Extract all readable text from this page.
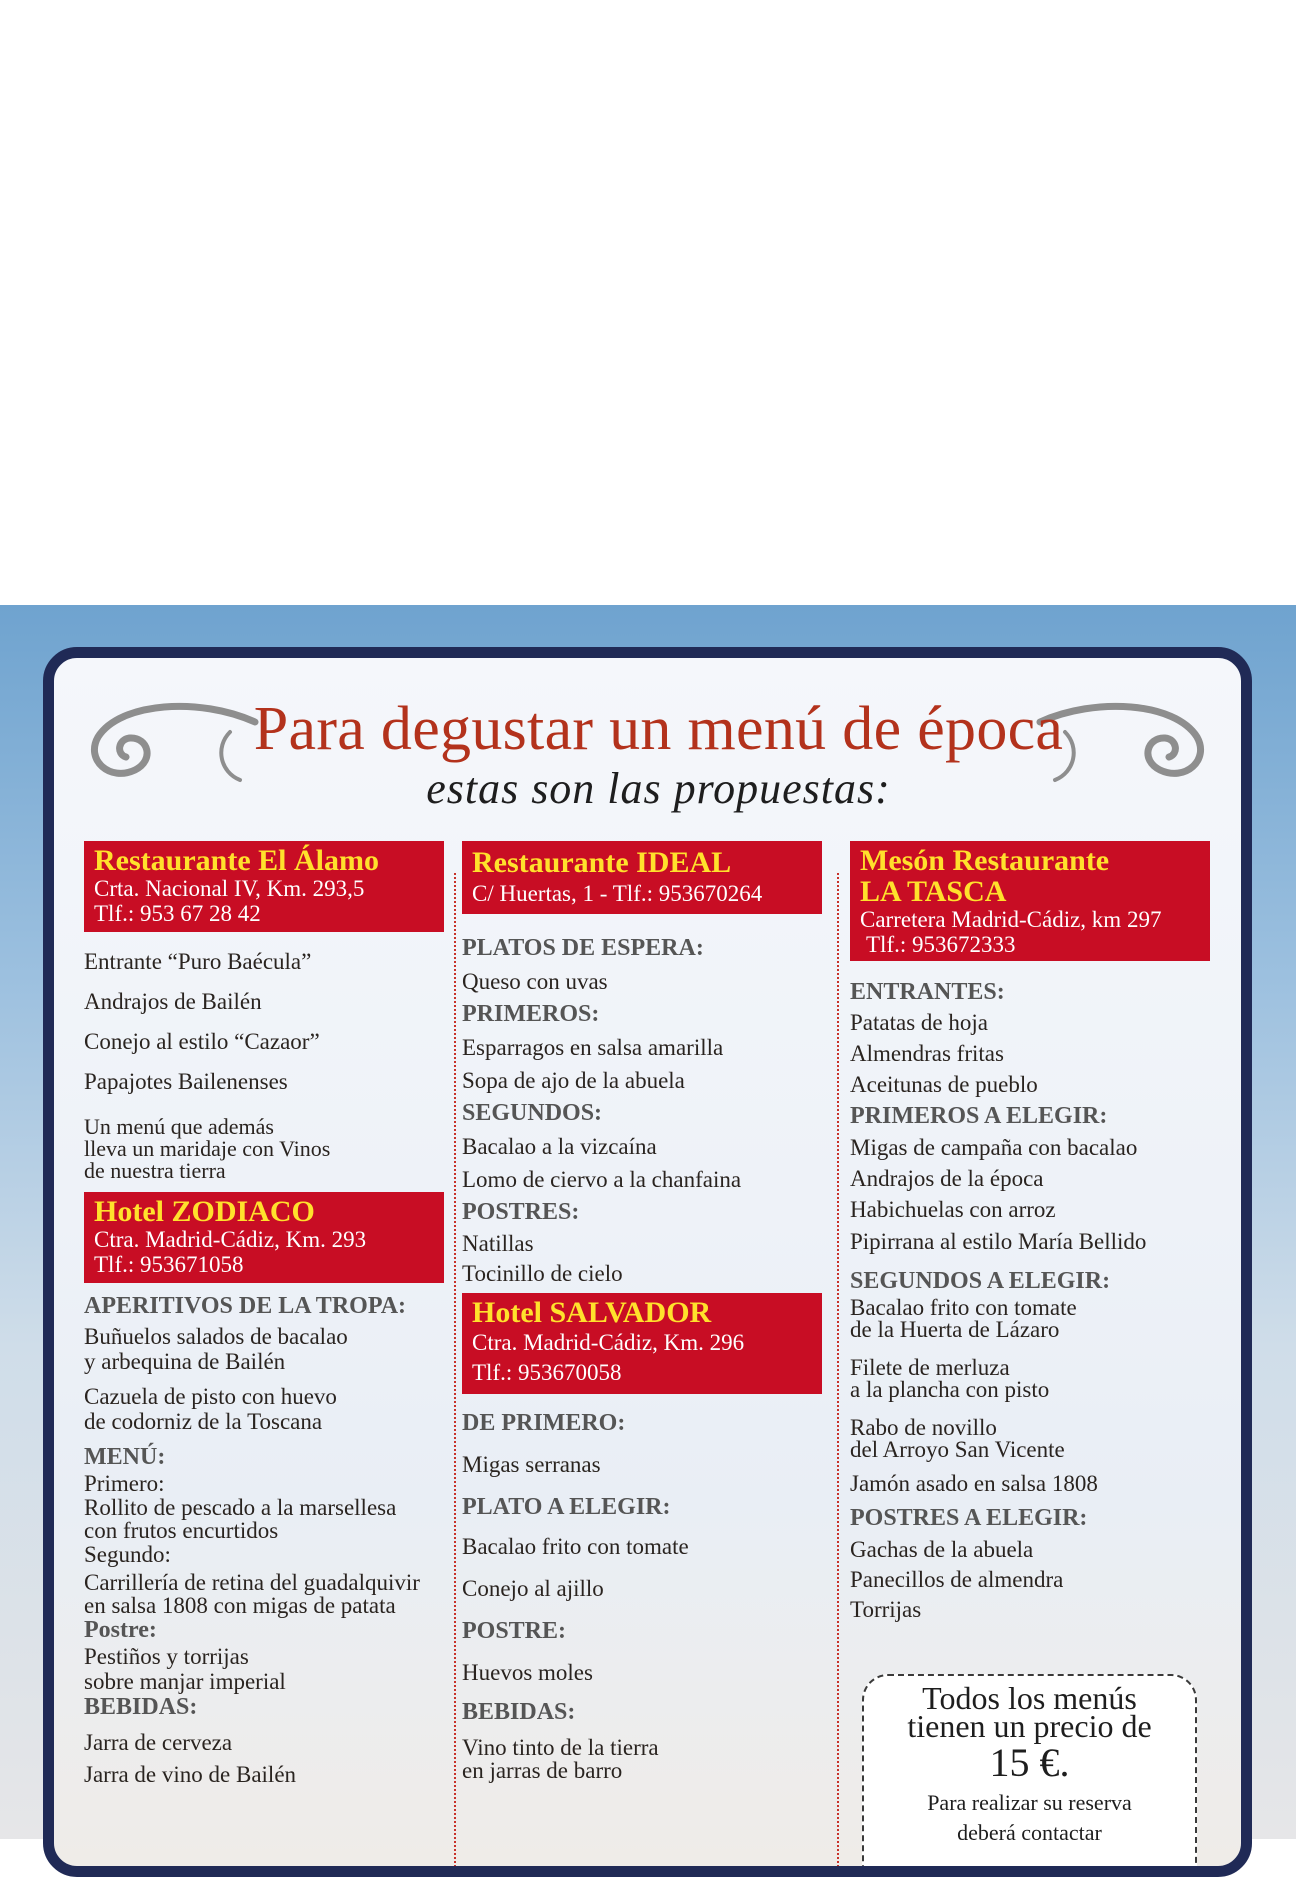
Para degustar un menú de época
estas son las propuestas:
Restaurante El Álamo
Crta. Nacional IV, Km. 293,5
Tlf.: 953 67 28 42
Entrante “Puro Baécula”
Andrajos de Bailén
Conejo al estilo “Cazaor”
Papajotes Bailenenses
Un menú que además
lleva un maridaje con Vinos
de nuestra tierra
Hotel ZODIACO
Ctra. Madrid-Cádiz, Km. 293
Tlf.: 953671058
APERITIVOS DE LA TROPA:
Buñuelos salados de bacalao
y arbequina de Bailén
Cazuela de pisto con huevo
de codorniz de la Toscana
MENÚ:
Primero:
Rollito de pescado a la marsellesa
con frutos encurtidos
Segundo:
Carrillería de retina del guadalquivir
en salsa 1808 con migas de patata
Postre:
Pestiños y torrijas
sobre manjar imperial
BEBIDAS:
Jarra de cerveza
Jarra de vino de Bailén
Restaurante IDEAL
C/ Huertas, 1 - Tlf.: 953670264
PLATOS DE ESPERA:
Queso con uvas
PRIMEROS:
Esparragos en salsa amarilla
Sopa de ajo de la abuela
SEGUNDOS:
Bacalao a la vizcaína
Lomo de ciervo a la chanfaina
POSTRES:
Natillas
Tocinillo de cielo
Hotel SALVADOR
Ctra. Madrid-Cádiz, Km. 296
Tlf.: 953670058
DE PRIMERO:
Migas serranas
PLATO A ELEGIR:
Bacalao frito con tomate
Conejo al ajillo
POSTRE:
Huevos moles
BEBIDAS:
Vino tinto de la tierra
en jarras de barro
Mesón Restaurante
LA TASCA
Carretera Madrid-Cádiz, km 297
Tlf.: 953672333
ENTRANTES:
Patatas de hoja
Almendras fritas
Aceitunas de pueblo
PRIMEROS A ELEGIR:
Migas de campaña con bacalao
Andrajos de la época
Habichuelas con arroz
Pipirrana al estilo María Bellido
SEGUNDOS A ELEGIR:
Bacalao frito con tomate
de la Huerta de Lázaro
Filete de merluza
a la plancha con pisto
Rabo de novillo
del Arroyo San Vicente
Jamón asado en salsa 1808
POSTRES A ELEGIR:
Gachas de la abuela
Panecillos de almendra
Torrijas
Todos los menús
tienen un precio de
15 €.
Para realizar su reserva
deberá contactar
